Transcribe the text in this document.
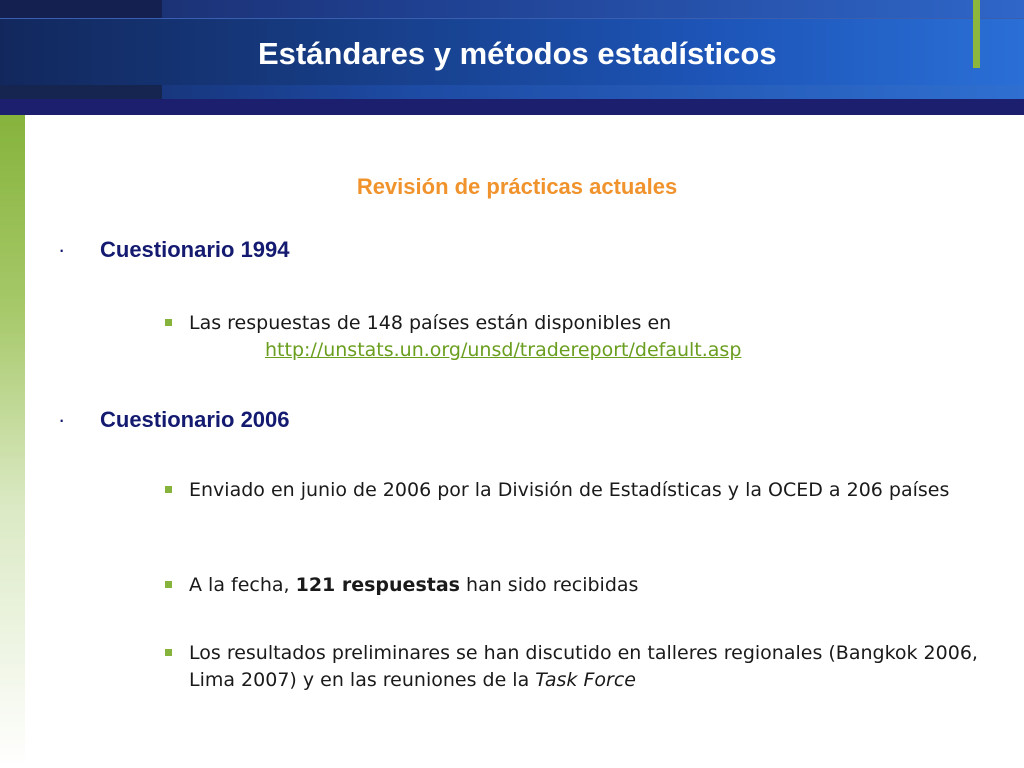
Estándares y métodos estadísticos
Revisión de prácticas actuales
·	Cuestionario 1994
Las respuestas de 148 países están disponibles en
http://unstats.un.org/unsd/tradereport/default.asp
·	Cuestionario 2006
Enviado en junio de 2006 por la División de Estadísticas y la OCED a 206 países
A la fecha, 121 respuestas han sido recibidas
Los resultados preliminares se han discutido en talleres regionales (Bangkok 2006, Lima 2007) y en las reuniones de la Task Force
